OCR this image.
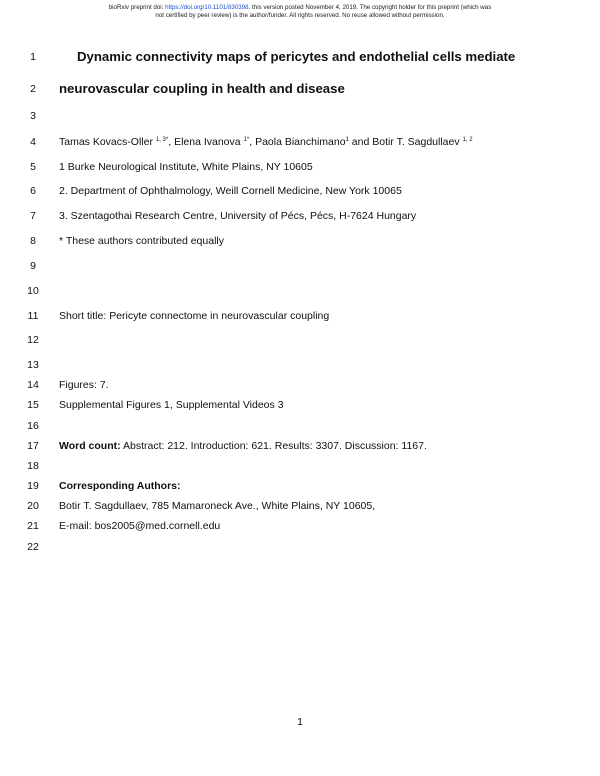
bioRxiv preprint doi: https://doi.org/10.1101/830398. this version posted November 4, 2019. The copyright holder for this preprint (which was
not certified by peer review) is the author/funder. All rights reserved. No reuse allowed without permission.
1
2
3
4
5
6
7
8
9
10
11
12
13
14
15
16
17
18
19
20
21
22
Dynamic connectivity maps of pericytes and endothelial cells mediate
neurovascular coupling in health and disease
Tamas Kovacs-Oller $^{1, 3*}$, Elena Ivanova $^{1*}$, Paola Bianchimano$^1$ and Botir T. Sagdullaev $^{1, 2}$
1 Burke Neurological Institute, White Plains, NY 10605
2. Department of Ophthalmology, Weill Cornell Medicine, New York 10065
3. Szentagothai Research Centre, University of Pécs, Pécs, H-7624 Hungary
* These authors contributed equally
Short title: Pericyte connectome in neurovascular coupling
Figures: 7.
Supplemental Figures 1, Supplemental Videos 3
Word count: Abstract: 212. Introduction: 621. Results: 3307. Discussion: 1167.
Corresponding Authors:
Botir T. Sagdullaev, 785 Mamaroneck Ave., White Plains, NY 10605,
E-mail: bos2005@med.cornell.edu
1
